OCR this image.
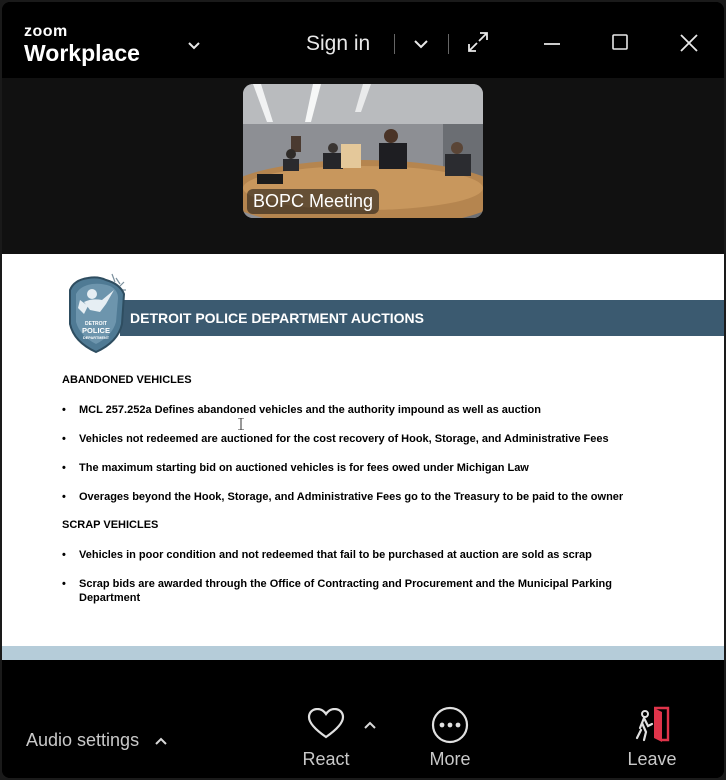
zoom
Workplace	Sign in
BOPC Meeting
DETROIT POLICE DEPARTMENT AUCTIONS
DETROIT
POLICE
DEPARTMENT
ABANDONED VEHICLES
• MCL 257.252a Defines abandoned vehicles and the authority impound as well as auction
• Vehicles not redeemed are auctioned for the cost recovery of Hook, Storage, and Administrative Fees
• The maximum starting bid on auctioned vehicles is for fees owed under Michigan Law
• Overages beyond the Hook, Storage, and Administrative Fees go to the Treasury to be paid to the owner
SCRAP VEHICLES
• Vehicles in poor condition and not redeemed that fail to be purchased at auction are sold as scrap
• Scrap bids are awarded through the Office of Contracting and Procurement and the Municipal Parking Department
Audio settings
React	More	Leave
